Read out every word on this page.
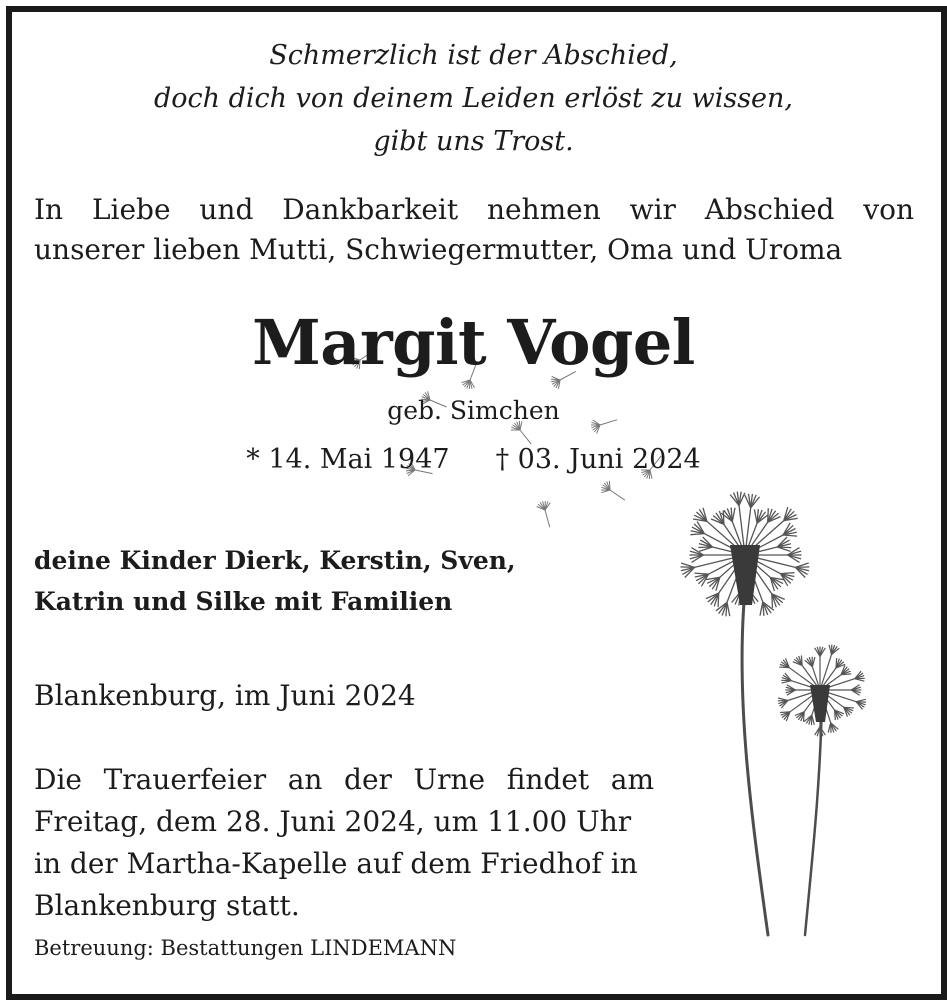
Schmerzlich ist der Abschied,
doch dich von deinem Leiden erlöst zu wissen,
gibt uns Trost.
In Liebe und Dankbarkeit nehmen wir Abschied von
unserer lieben Mutti, Schwiegermutter, Oma und Uroma
Margit Vogel
geb. Simchen
* 14. Mai 1947 † 03. Juni 2024
deine Kinder Dierk, Kerstin, Sven,
Katrin und Silke mit Familien
Blankenburg, im Juni 2024
Die Trauerfeier an der Urne findet am
Freitag, dem 28. Juni 2024, um 11.00 Uhr
in der Martha-Kapelle auf dem Friedhof in
Blankenburg statt.
Betreuung: Bestattungen LINDEMANN
